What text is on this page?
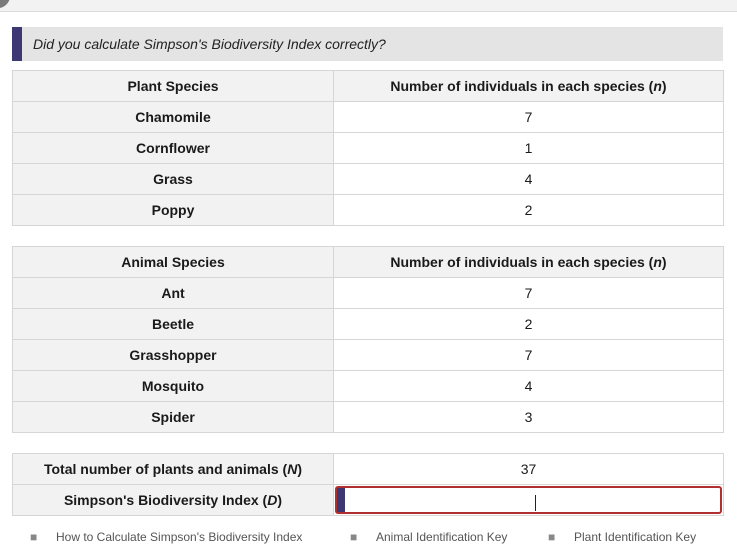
Did you calculate Simpson's Biodiversity Index correctly?
Plant Species	Number of individuals in each species (n)
Chamomile	7
Cornflower	1
Grass	4
Poppy	2
Animal Species	Number of individuals in each species (n)
Ant	7
Beetle	2
Grasshopper	7
Mosquito	4
Spider	3
Total number of plants and animals (N)	37
Simpson's Biodiversity Index (D)	
■	How to Calculate Simpson's Biodiversity Index	■	Animal Identification Key	■	Plant Identification Key
